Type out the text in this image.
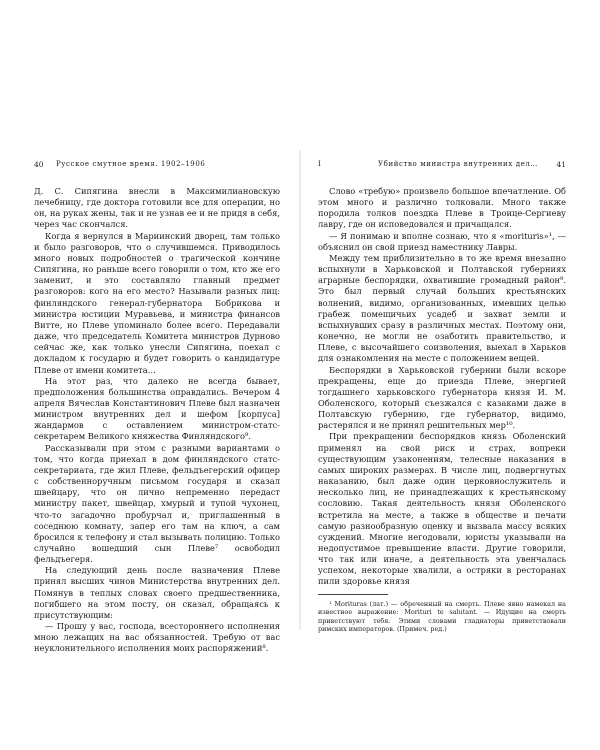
40 Русское смутное время. 1902–1906

Д. С. Сипягина внесли в Максимилиановскую лечебницу, где доктора готовили все для операции, но он, на руках жены, так и не узнав ее и не придя в себя, через час скончался.

Когда я вернулся в Мариинский дворец, там только и было разговоров, что о случившемся. Приводилось много новых подробностей о трагической кончине Сипягина, но раньше всего говорили о том, кто же его заменит, и это составляло главный предмет разговоров: кого на его место? Называли разных лиц: финляндского генерал-губернатора Бобрикова и министра юстиции Муравьева, и министра финансов Витте, но Плеве упоминало более всего. Передавали даже, что председатель Комитета министров Дурново сейчас же, как только унесли Сипягина, поехал с докладом к государю и будет говорить о кандидатуре Плеве от имени комитета…

На этот раз, что далеко не всегда бывает, предположения большинства оправдались. Вечером 4 апреля Вячеслав Константинович Плеве был назначен министром внутренних дел и шефом [корпуса] жандармов с оставлением министром-статс-секретарем Великого княжества Финляндского⁹.

Рассказывали при этом с разными вариантами о том, что когда приехал в дом финляндского статс-секретариата, где жил Плеве, фельдъегерский офицер с собственноручным письмом государя и сказал швейцару, что он лично непременно передаст министру пакет, швейцар, хмурый и тупой чухонец, что-то загадочно пробурчал и, приглашенный в соседнюю комнату, запер его там на ключ, а сам бросился к телефону и стал вызывать полицию. Только случайно вошедший сын Плеве⁷ освободил фельдъегеря.

На следующий день после назначения Плеве принял высших чинов Министерства внутренних дел. Помянув в теплых словах своего предшественника, погибшего на этом посту, он сказал, обращаясь к присутствующим:

— Прошу у вас, господа, всестороннего исполнения мною лежащих на вас обязанностей. Требую от вас неуклонительного исполнения моих распоряжений⁸.

I	Убийство министра внутренних дел… 41

Слово «требую» произвело большое впечатление. Об этом много и различно толковали. Много также породила толков поездка Плеве в Троице-Сергиеву лавру, где он исповедовался и причащался.

— Я понимаю и вполне сознаю, что я «morituris»¹, — объяснил он свой приезд наместнику Лавры.

Между тем приблизительно в то же время внезапно вспыхнули в Харьковской и Полтавской губерниях аграрные беспорядки, охватившие громадный район⁹. Это был первый случай больших крестьянских волнений, видимо, организованных, имевших целью грабеж помещичьих усадеб и захват земли и вспыхнувших сразу в различных местах. Поэтому они, конечно, не могли не озаботить правительство, и Плеве, с высочайшего соизволения, выехал в Харьков для ознакомления на месте с положением вещей.

Беспорядки в Харьковской губернии были вскоре прекращены, еще до приезда Плеве, энергией тогдашнего харьковского губернатора князя И. М. Оболенского, который съезжался с казаками даже в Полтавскую губернию, где губернатор, видимо, растерялся и не принял решительных мер¹⁰.

При прекращении беспорядков князь Оболенский применял на свой риск и страх, вопреки существующим узаконениям, телесные наказания в самых широких размерах. В числе лиц, подвергнутых наказанию, был даже один церковнослужитель и несколько лиц, не принадлежащих к крестьянскому сословию. Такая деятельность князя Оболенского встретила на месте, а также в обществе и печати самую разнообразную оценку и вызвала массу всяких суждений. Многие негодовали, юристы указывали на недопустимое превышение власти. Другие говорили, что так или иначе, а деятельность эта увенчалась успехом, некоторые хвалили, а остряки в ресторанах пили здоровье князя

¹ Morituras (лат.) — обреченный на смерть. Плеве явно намекал на известное выражение: Morituri te salutant. — Идущие на смерть приветствуют тебя. Этими словами гладиаторы приветствовали римских императоров. (Примеч. ред.)
